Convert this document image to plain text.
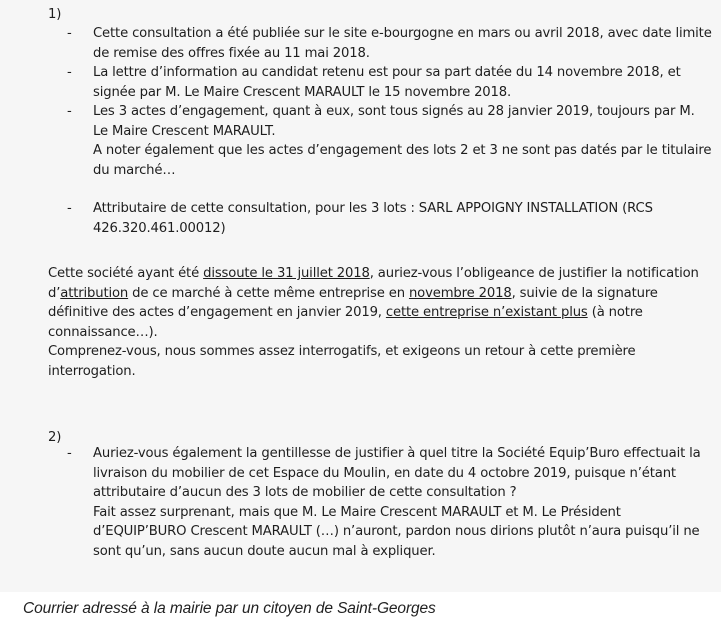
1)

- Cette consultation a été publiée sur le site e-bourgogne en mars ou avril 2018, avec date limite de remise des offres fixée au 11 mai 2018.
- La lettre d’information au candidat retenu est pour sa part datée du 14 novembre 2018, et signée par M. Le Maire Crescent MARAULT le 15 novembre 2018.
- Les 3 actes d’engagement, quant à eux, sont tous signés au 28 janvier 2019, toujours par M. Le Maire Crescent MARAULT.
A noter également que les actes d’engagement des lots 2 et 3 ne sont pas datés par le titulaire du marché…
- Attributaire de cette consultation, pour les 3 lots : SARL APPOIGNY INSTALLATION (RCS 426.320.461.00012)

Cette société ayant été dissoute le 31 juillet 2018, auriez-vous l’obligeance de justifier la notification d’attribution de ce marché à cette même entreprise en novembre 2018, suivie de la signature définitive des actes d’engagement en janvier 2019, cette entreprise n’existant plus (à notre connaissance…).
Comprenez-vous, nous sommes assez interrogatifs, et exigeons un retour à cette première interrogation.

2)

- Auriez-vous également la gentillesse de justifier à quel titre la Société Equip’Buro effectuait la livraison du mobilier de cet Espace du Moulin, en date du 4 octobre 2019, puisque n’étant attributaire d’aucun des 3 lots de mobilier de cette consultation ?
Fait assez surprenant, mais que M. Le Maire Crescent MARAULT et M. Le Président d’EQUIP’BURO Crescent MARAULT (…) n’auront, pardon nous dirions plutôt n’aura puisqu’il ne sont qu’un, sans aucun doute aucun mal à expliquer.

Courrier adressé à la mairie par un citoyen de Saint-Georges
